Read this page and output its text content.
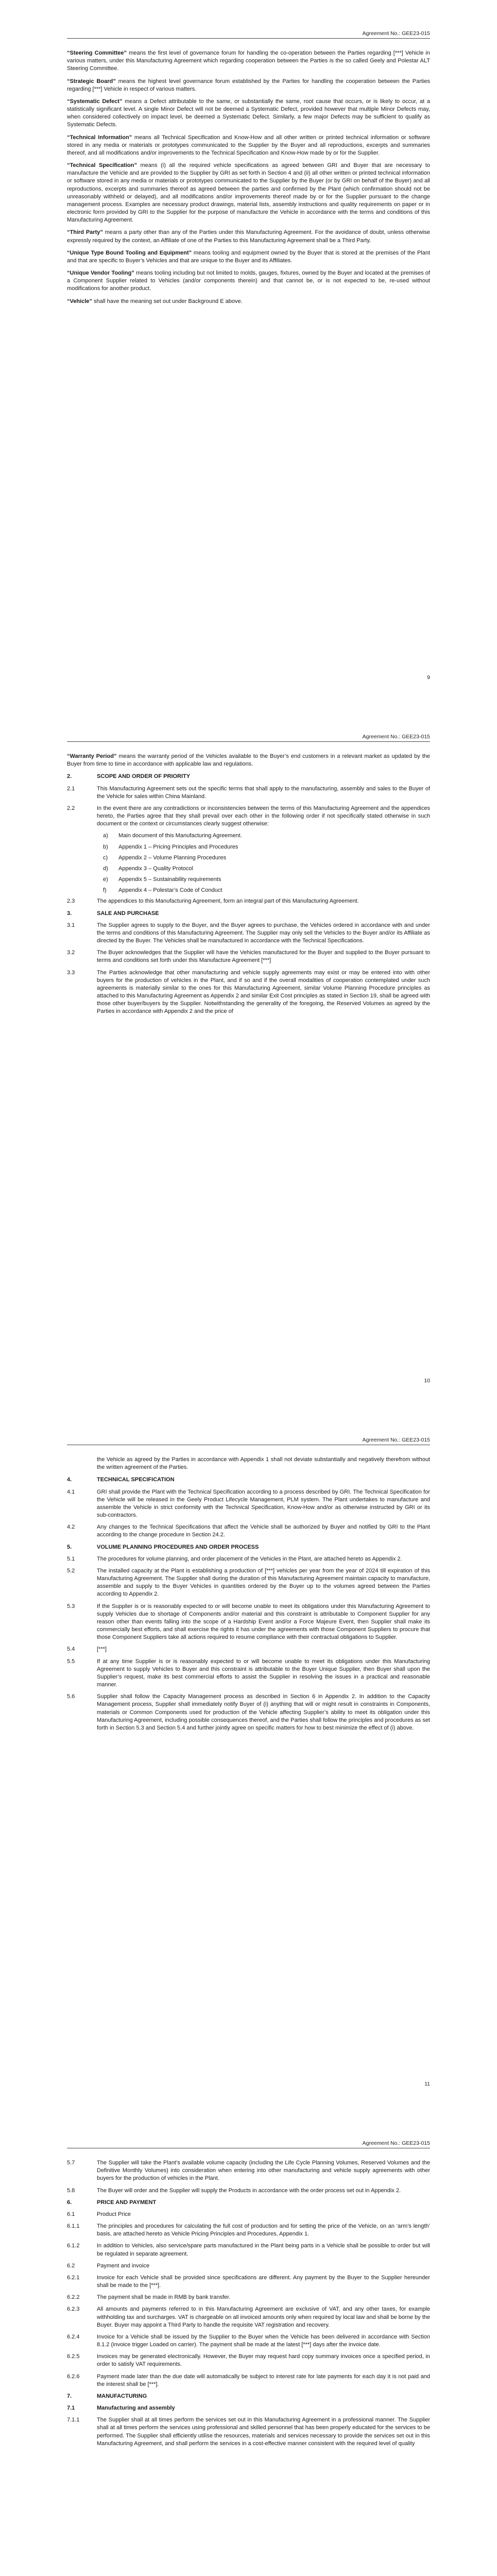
Agreement No.: GEE23-015

“Steering Committee” means the first level of governance forum for handling the co-operation between the Parties regarding [***] Vehicle in various matters, under this Manufacturing Agreement which regarding cooperation between the Parties is the so called Geely and Polestar ALT Steering Committee.

“Strategic Board” means the highest level governance forum established by the Parties for handling the cooperation between the Parties regarding [***] Vehicle in respect of various matters.

“Systematic Defect” means a Defect attributable to the same, or substantially the same, root cause that occurs, or is likely to occur, at a statistically significant level. A single Minor Defect will not be deemed a Systematic Defect, provided however that multiple Minor Defects may, when considered collectively on impact level, be deemed a Systematic Defect. Similarly, a few major Defects may be sufficient to qualify as Systematic Defects.

“Technical Information” means all Technical Specification and Know-How and all other written or printed technical information or software stored in any media or materials or prototypes communicated to the Supplier by the Buyer and all reproductions, excerpts and summaries thereof, and all modifications and/or improvements to the Technical Specification and Know-How made by or for the Supplier.

“Technical Specification” means (i) all the required vehicle specifications as agreed between GRI and Buyer that are necessary to manufacture the Vehicle and are provided to the Supplier by GRI as set forth in Section 4 and (ii) all other written or printed technical information or software stored in any media or materials or prototypes communicated to the Supplier by the Buyer (or by GRI on behalf of the Buyer) and all reproductions, excerpts and summaries thereof as agreed between the parties and confirmed by the Plant (which confirmation should not be unreasonably withheld or delayed), and all modifications and/or improvements thereof made by or for the Supplier pursuant to the change management process. Examples are necessary product drawings, material lists, assembly instructions and quality requirements on paper or in electronic form provided by GRI to the Supplier for the purpose of manufacture the Vehicle in accordance with the terms and conditions of this Manufacturing Agreement.

“Third Party” means a party other than any of the Parties under this Manufacturing Agreement. For the avoidance of doubt, unless otherwise expressly required by the context, an Affiliate of one of the Parties to this Manufacturing Agreement shall be a Third Party.

“Unique Type Bound Tooling and Equipment” means tooling and equipment owned by the Buyer that is stored at the premises of the Plant and that are specific to Buyer’s Vehicles and that are unique to the Buyer and its Affiliates.

“Unique Vendor Tooling” means tooling including but not limited to molds, gauges, fixtures, owned by the Buyer and located at the premises of a Component Supplier related to Vehicles (and/or components therein) and that cannot be, or is not expected to be, re-used without modifications for another product.

“Vehicle” shall have the meaning set out under Background E above.

9
Agreement No.: GEE23-015

“Warranty Period” means the warranty period of the Vehicles available to the Buyer’s end customers in a relevant market as updated by the Buyer from time to time in accordance with applicable law and regulations.

2.	SCOPE AND ORDER OF PRIORITY
2.1	This Manufacturing Agreement sets out the specific terms that shall apply to the manufacturing, assembly and sales to the Buyer of the Vehicle for sales within China Mainland.
2.2	In the event there are any contradictions or inconsistencies between the terms of this Manufacturing Agreement and the appendices hereto, the Parties agree that they shall prevail over each other in the following order if not specifically stated otherwise in such document or the context or circumstances clearly suggest otherwise:
a)	Main document of this Manufacturing Agreement.
b)	Appendix 1 – Pricing Principles and Procedures
c)	Appendix 2 – Volume Planning Procedures
d)	Appendix 3 – Quality Protocol
e)	Appendix 5 – Sustainability requirements
f)	Appendix 4 – Polestar’s Code of Conduct
2.3	The appendices to this Manufacturing Agreement, form an integral part of this Manufacturing Agreement.
3.	SALE AND PURCHASE
3.1	The Supplier agrees to supply to the Buyer, and the Buyer agrees to purchase, the Vehicles ordered in accordance with and under the terms and conditions of this Manufacturing Agreement. The Supplier may only sell the Vehicles to the Buyer and/or its Affiliate as directed by the Buyer. The Vehicles shall be manufactured in accordance with the Technical Specifications.
3.2	The Buyer acknowledges that the Supplier will have the Vehicles manufactured for the Buyer and supplied to the Buyer pursuant to terms and conditions set forth under this Manufacture Agreement [***]
3.3	The Parties acknowledge that other manufacturing and vehicle supply agreements may exist or may be entered into with other buyers for the production of vehicles in the Plant, and if so and if the overall modalities of cooperation contemplated under such agreements is materially similar to the ones for this Manufacturing Agreement, similar Volume Planning Procedure principles as attached to this Manufacturing Agreement as Appendix 2 and similar Exit Cost principles as stated in Section 19, shall be agreed with those other buyer/buyers by the Supplier. Notwithstanding the generality of the foregoing, the Reserved Volumes as agreed by the Parties in accordance with Appendix 2 and the price of
10
Agreement No.: GEE23-015

the Vehicle as agreed by the Parties in accordance with Appendix 1 shall not deviate substantially and negatively therefrom without the written agreement of the Parties.

4.	TECHNICAL SPECIFICATION
4.1	GRI shall provide the Plant with the Technical Specification according to a process described by GRI. The Technical Specification for the Vehicle will be released in the Geely Product Lifecycle Management, PLM system. The Plant undertakes to manufacture and assemble the Vehicle in strict conformity with the Technical Specification, Know-How and/or as otherwise instructed by GRI or its sub-contractors.
4.2	Any changes to the Technical Specifications that affect the Vehicle shall be authorized by Buyer and notified by GRI to the Plant according to the change procedure in Section 24.2.
5.	VOLUME PLANNING PROCEDURES AND ORDER PROCESS
5.1	The procedures for volume planning, and order placement of the Vehicles in the Plant, are attached hereto as Appendix 2.
5.2	The installed capacity at the Plant is establishing a production of [***] vehicles per year from the year of 2024 till expiration of this Manufacturing Agreement. The Supplier shall during the duration of this Manufacturing Agreement maintain capacity to manufacture, assemble and supply to the Buyer Vehicles in quantities ordered by the Buyer up to the volumes agreed between the Parties according to Appendix 2.
5.3	If the Supplier is or is reasonably expected to or will become unable to meet its obligations under this Manufacturing Agreement to supply Vehicles due to shortage of Components and/or material and this constraint is attributable to Component Supplier for any reason other than events falling into the scope of a Hardship Event and/or a Force Majeure Event, then Supplier shall make its commercially best efforts, and shall exercise the rights it has under the agreements with those Component Suppliers to procure that those Component Suppliers take all actions required to resume compliance with their contractual obligations to Supplier.
5.4	[***]
5.5	If at any time Supplier is or is reasonably expected to or will become unable to meet its obligations under this Manufacturing Agreement to supply Vehicles to Buyer and this constraint is attributable to the Buyer Unique Supplier, then Buyer shall upon the Supplier’s request, make its best commercial efforts to assist the Supplier in resolving the issues in a practical and reasonable manner.
5.6	Supplier shall follow the Capacity Management process as described in Section 6 in Appendix 2. In addition to the Capacity Management process, Supplier shall immediately notify Buyer of (i) anything that will or might result in constraints in Components, materials or Common Components used for production of the Vehicle affecting Supplier’s ability to meet its obligation under this Manufacturing Agreement, including possible consequences thereof, and the Parties shall follow the principles and procedures as set forth in Section 5.3 and Section 5.4 and further jointly agree on specific matters for how to best minimize the effect of (i) above.
11
Agreement No.: GEE23-015
5.7	The Supplier will take the Plant’s available volume capacity (including the Life Cycle Planning Volumes, Reserved Volumes and the Definitive Monthly Volumes) into consideration when entering into other manufacturing and vehicle supply agreements with other buyers for the production of vehicles in the Plant.
5.8	The Buyer will order and the Supplier will supply the Products in accordance with the order process set out in Appendix 2.
6.	PRICE AND PAYMENT
6.1	Product Price
6.1.1	The principles and procedures for calculating the full cost of production and for setting the price of the Vehicle, on an ‘arm’s length’ basis, are attached hereto as Vehicle Pricing Principles and Procedures, Appendix 1.
6.1.2	In addition to Vehicles, also service/spare parts manufactured in the Plant being parts in a Vehicle shall be possible to order but will be regulated in separate agreement.
6.2	Payment and invoice
6.2.1	Invoice for each Vehicle shall be provided since specifications are different. Any payment by the Buyer to the Supplier hereunder shall be made to the [***].
6.2.2	The payment shall be made in RMB by bank transfer.
6.2.3	All amounts and payments referred to in this Manufacturing Agreement are exclusive of VAT, and any other taxes, for example withholding tax and surcharges. VAT is chargeable on all invoiced amounts only when required by local law and shall be borne by the Buyer. Buyer may appoint a Third Party to handle the requisite VAT registration and recovery.
6.2.4	Invoice for a Vehicle shall be issued by the Supplier to the Buyer when the Vehicle has been delivered in accordance with Section 8.1.2 (invoice trigger Loaded on carrier). The payment shall be made at the latest [***] days after the invoice date.
6.2.5	Invoices may be generated electronically. However, the Buyer may request hard copy summary invoices once a specified period, in order to satisfy VAT requirements.
6.2.6	Payment made later than the due date will automatically be subject to interest rate for late payments for each day it is not paid and the interest shall be [***].
7.	MANUFACTURING
7.1	Manufacturing and assembly
7.1.1	The Supplier shall at all times perform the services set out in this Manufacturing Agreement in a professional manner. The Supplier shall at all times perform the services using professional and skilled personnel that has been properly educated for the services to be performed. The Supplier shall efficiently utilise the resources, materials and services necessary to provide the services set out in this Manufacturing Agreement, and shall perform the services in a cost-effective manner consistent with the required level of quality
